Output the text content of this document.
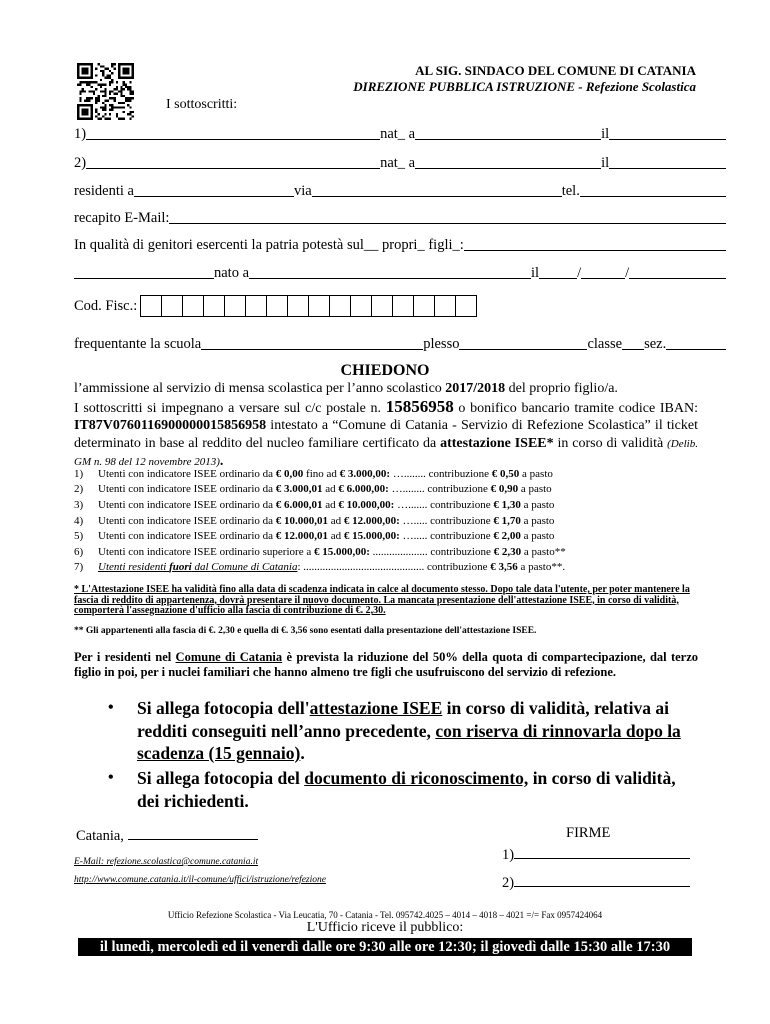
AL SIG. SINDACO DEL COMUNE DI CATANIA
DIREZIONE PUBBLICA ISTRUZIONE - Refezione Scolastica
I sottoscritti:
1)	nat_ a	il
2)	nat_ a	il
residenti a	via	tel.
recapito E-Mail:
In qualità di genitori esercenti la patria potestà sul__ propri_ figli_:
nato a	il	/	/
Cod. Fisc.:
frequentante la scuola	plesso	classe sez.
CHIEDONO
l’ammissione al servizio di mensa scolastica per l’anno scolastico 2017/2018 del proprio figlio/a.
I sottoscritti si impegnano a versare sul c/c postale n. 15856958 o bonifico bancario tramite codice IBAN: IT87V0760116900000015856958 intestato a “Comune di Catania - Servizio di Refezione Scolastica” il ticket determinato in base al reddito del nucleo familiare certificato da attestazione ISEE* in corso di validità (Delib. GM n. 98 del 12 novembre 2013).
1)	Utenti con indicatore ISEE ordinario da € 0,00 fino ad € 3.000,00: …........ contribuzione € 0,50 a pasto
2)	Utenti con indicatore ISEE ordinario da € 3.000,01 ad € 6.000,00: …........ contribuzione € 0,90 a pasto
3)	Utenti con indicatore ISEE ordinario da € 6.000,01 ad € 10.000,00: …....... contribuzione € 1,30 a pasto
4)	Utenti con indicatore ISEE ordinario da € 10.000,01 ad € 12.000,00: …..... contribuzione € 1,70 a pasto
5)	Utenti con indicatore ISEE ordinario da € 12.000,01 ad € 15.000,00: …..... contribuzione € 2,00 a pasto
6)	Utenti con indicatore ISEE ordinario superiore a € 15.000,00: .................... contribuzione € 2,30 a pasto**
7)	Utenti residenti fuori dal Comune di Catania: ............................................ contribuzione € 3,56 a pasto**.
* L'Attestazione ISEE ha validità fino alla data di scadenza indicata in calce al documento stesso. Dopo tale data l'utente, per poter mantenere la fascia di reddito di appartenenza, dovrà presentare il nuovo documento. La mancata presentazione dell'attestazione ISEE, in corso di validità, comporterà l'assegnazione d'ufficio alla fascia di contribuzione di €. 2,30.
** Gli appartenenti alla fascia di €. 2,30 e quella di €. 3,56 sono esentati dalla presentazione dell'attestazione ISEE.
Per i residenti nel Comune di Catania è prevista la riduzione del 50% della quota di compartecipazione, dal terzo figlio in poi, per i nuclei familiari che hanno almeno tre figli che usufruiscono del servizio di refezione.
• Si allega fotocopia dell'attestazione ISEE in corso di validità, relativa ai redditi conseguiti nell’anno precedente, con riserva di rinnovarla dopo la scadenza (15 gennaio).
• Si allega fotocopia del documento di riconoscimento, in corso di validità, dei richiedenti.
Catania,	FIRME
1)
2)
E-Mail: refezione.scolastica@comune.catania.it
http://www.comune.catania.it/il-comune/uffici/istruzione/refezione
Ufficio Refezione Scolastica - Via Leucatia, 70 - Catania - Tel. 095742.4025 – 4014 – 4018 – 4021 =/= Fax 0957424064
L'Ufficio riceve il pubblico:
il lunedì, mercoledì ed il venerdì dalle ore 9:30 alle ore 12:30; il giovedì dalle 15:30 alle 17:30
